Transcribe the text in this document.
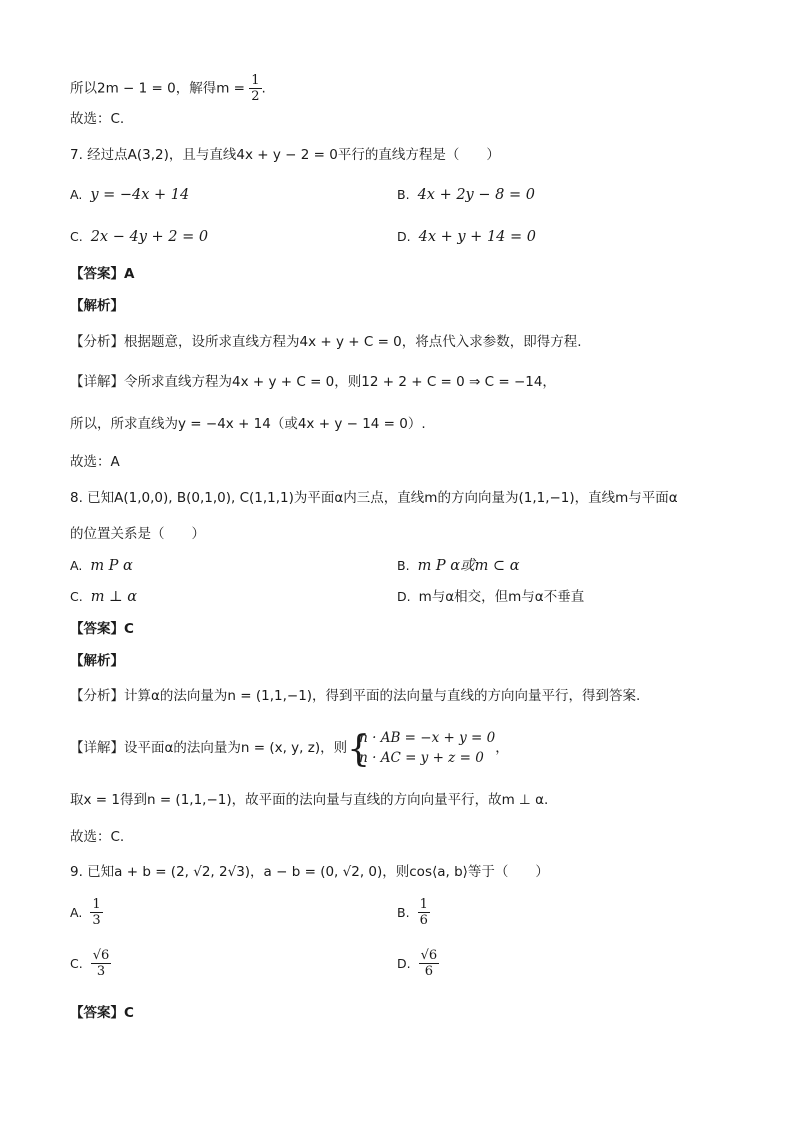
所以2m − 1 = 0，解得$m = \frac{1}{2}$ .
故选：C.
7. 经过点A(3,2)，且与直线4x + y − 2 = 0平行的直线方程是（　　）
A. y = −4x + 14	B. 4x + 2y − 8 = 0
C. 2x − 4y + 2 = 0	D. 4x + y + 14 = 0
【答案】A
【解析】
【分析】根据题意，设所求直线方程为4x + y + C = 0，将点代入求参数，即得方程.
【详解】令所求直线方程为4x + y + C = 0，则12 + 2 + C = 0 ⇒ C = −14，
所以，所求直线为y = −4x + 14（或4x + y − 14 = 0）.
故选：A
8. 已知A(1,0,0), B(0,1,0), C(1,1,1)为平面α内三点，直线m的方向向量为(1,1,−1)，直线m与平面α
的位置关系是（　　）
A. m P α	B. m P α或m ⊂ α
C. m ⊥ α	D. m与α相交，但m与α不垂直
【答案】C
【解析】
【分析】计算α的法向量为n = (1,1,−1)，得到平面的法向量与直线的方向向量平行，得到答案.
【详解】设平面α的法向量为n = (x, y, z)，则 {
n · AB = −x + y = 0
n · AC = y + z = 0
，
取x = 1得到n = (1,1,−1)，故平面的法向量与直线的方向向量平行，故m ⊥ α.
故选：C.
9. 已知a + b = (2, √2, 2√3)，a − b = (0, √2, 0)，则cos⟨a, b⟩等于（　　）
A. $\frac{1}{3}$	B. $\frac{1}{6}$
C. $\frac{√6}{3}$	D. $\frac{√6}{6}$
【答案】C
